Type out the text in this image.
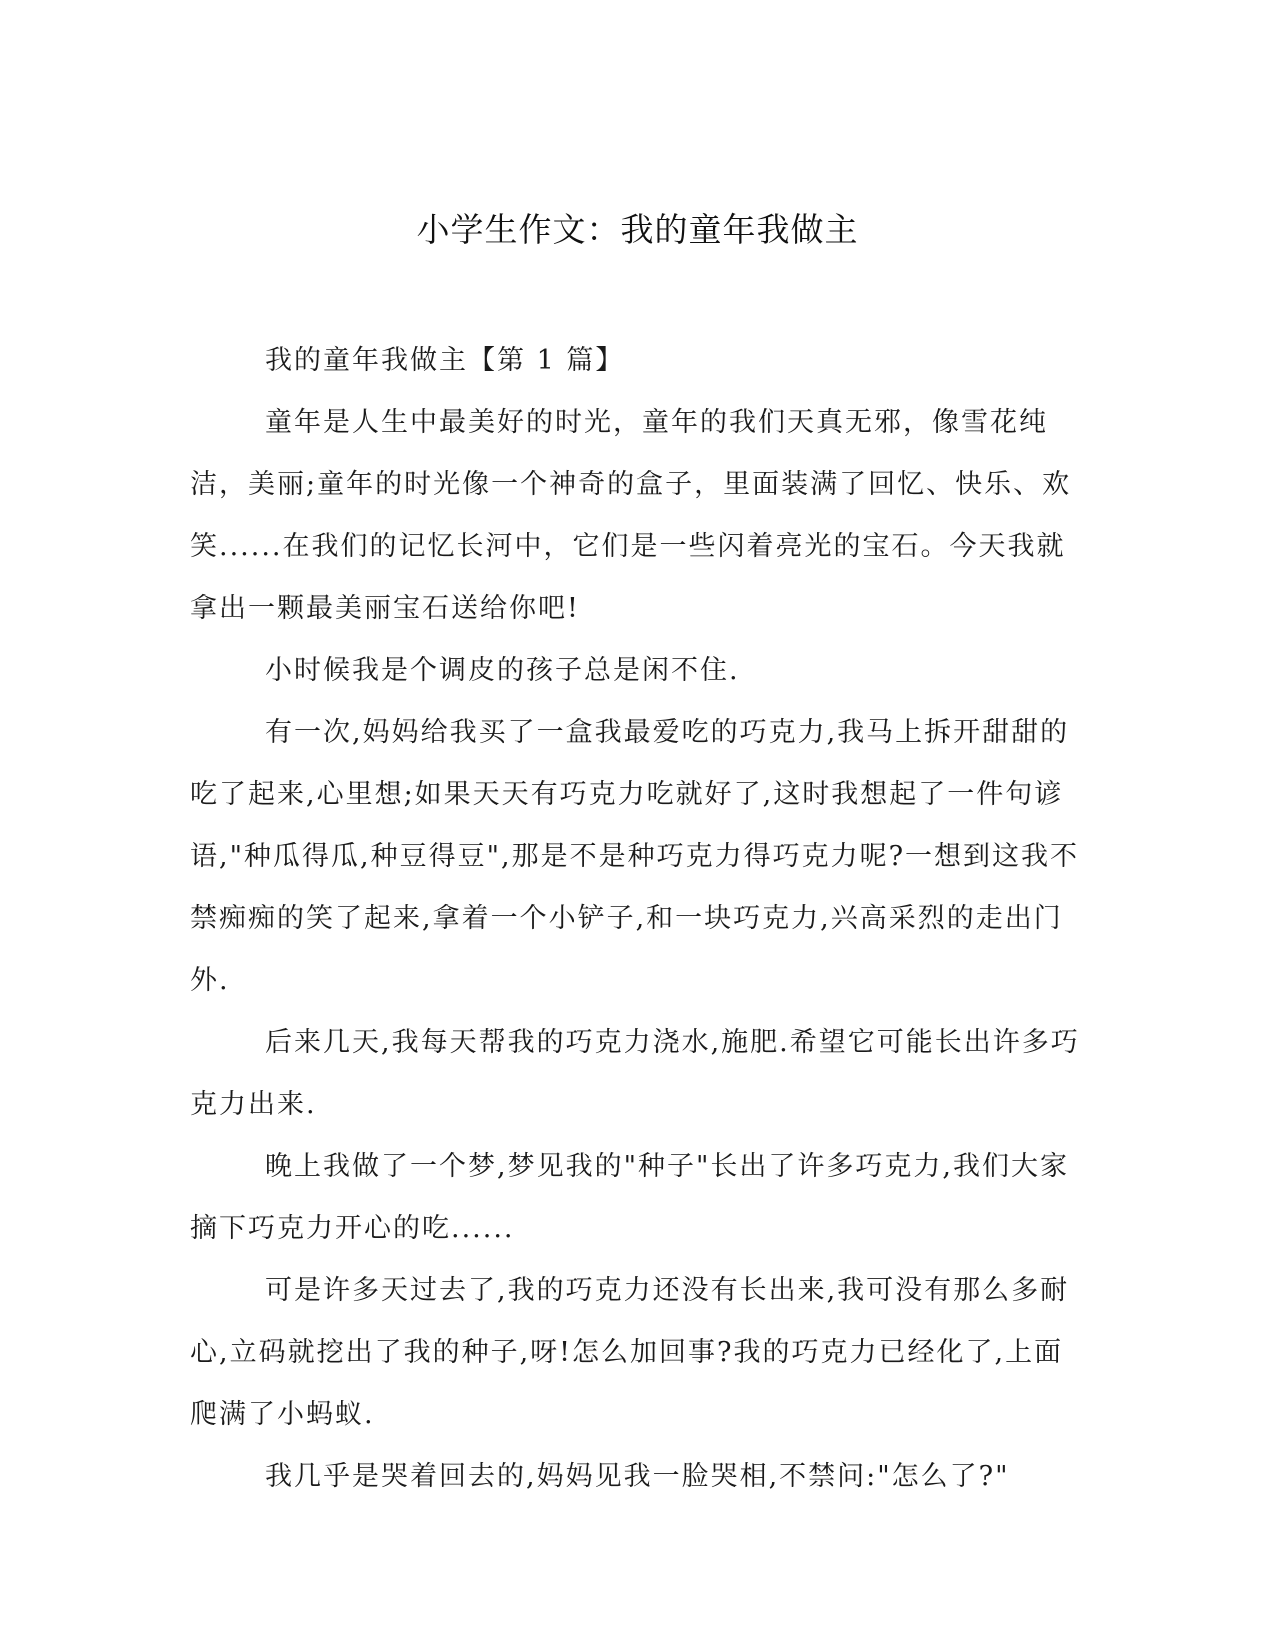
小学生作文：我的童年我做主

我的童年我做主【第 1 篇】

童年是人生中最美好的时光，童年的我们天真无邪，像雪花纯洁，美丽;童年的时光像一个神奇的盒子，里面装满了回忆、快乐、欢笑......在我们的记忆长河中，它们是一些闪着亮光的宝石。今天我就拿出一颗最美丽宝石送给你吧!

小时候我是个调皮的孩子总是闲不住.

有一次,妈妈给我买了一盒我最爱吃的巧克力,我马上拆开甜甜的吃了起来,心里想;如果天天有巧克力吃就好了,这时我想起了一件句谚语,"种瓜得瓜,种豆得豆",那是不是种巧克力得巧克力呢?一想到这我不禁痴痴的笑了起来,拿着一个小铲子,和一块巧克力,兴高采烈的走出门外.

后来几天,我每天帮我的巧克力浇水,施肥.希望它可能长出许多巧克力出来.

晚上我做了一个梦,梦见我的"种子"长出了许多巧克力,我们大家摘下巧克力开心的吃......

可是许多天过去了,我的巧克力还没有长出来,我可没有那么多耐心,立码就挖出了我的种子,呀!怎么加回事?我的巧克力已经化了,上面爬满了小蚂蚁.

我几乎是哭着回去的,妈妈见我一脸哭相,不禁问:"怎么了?"
